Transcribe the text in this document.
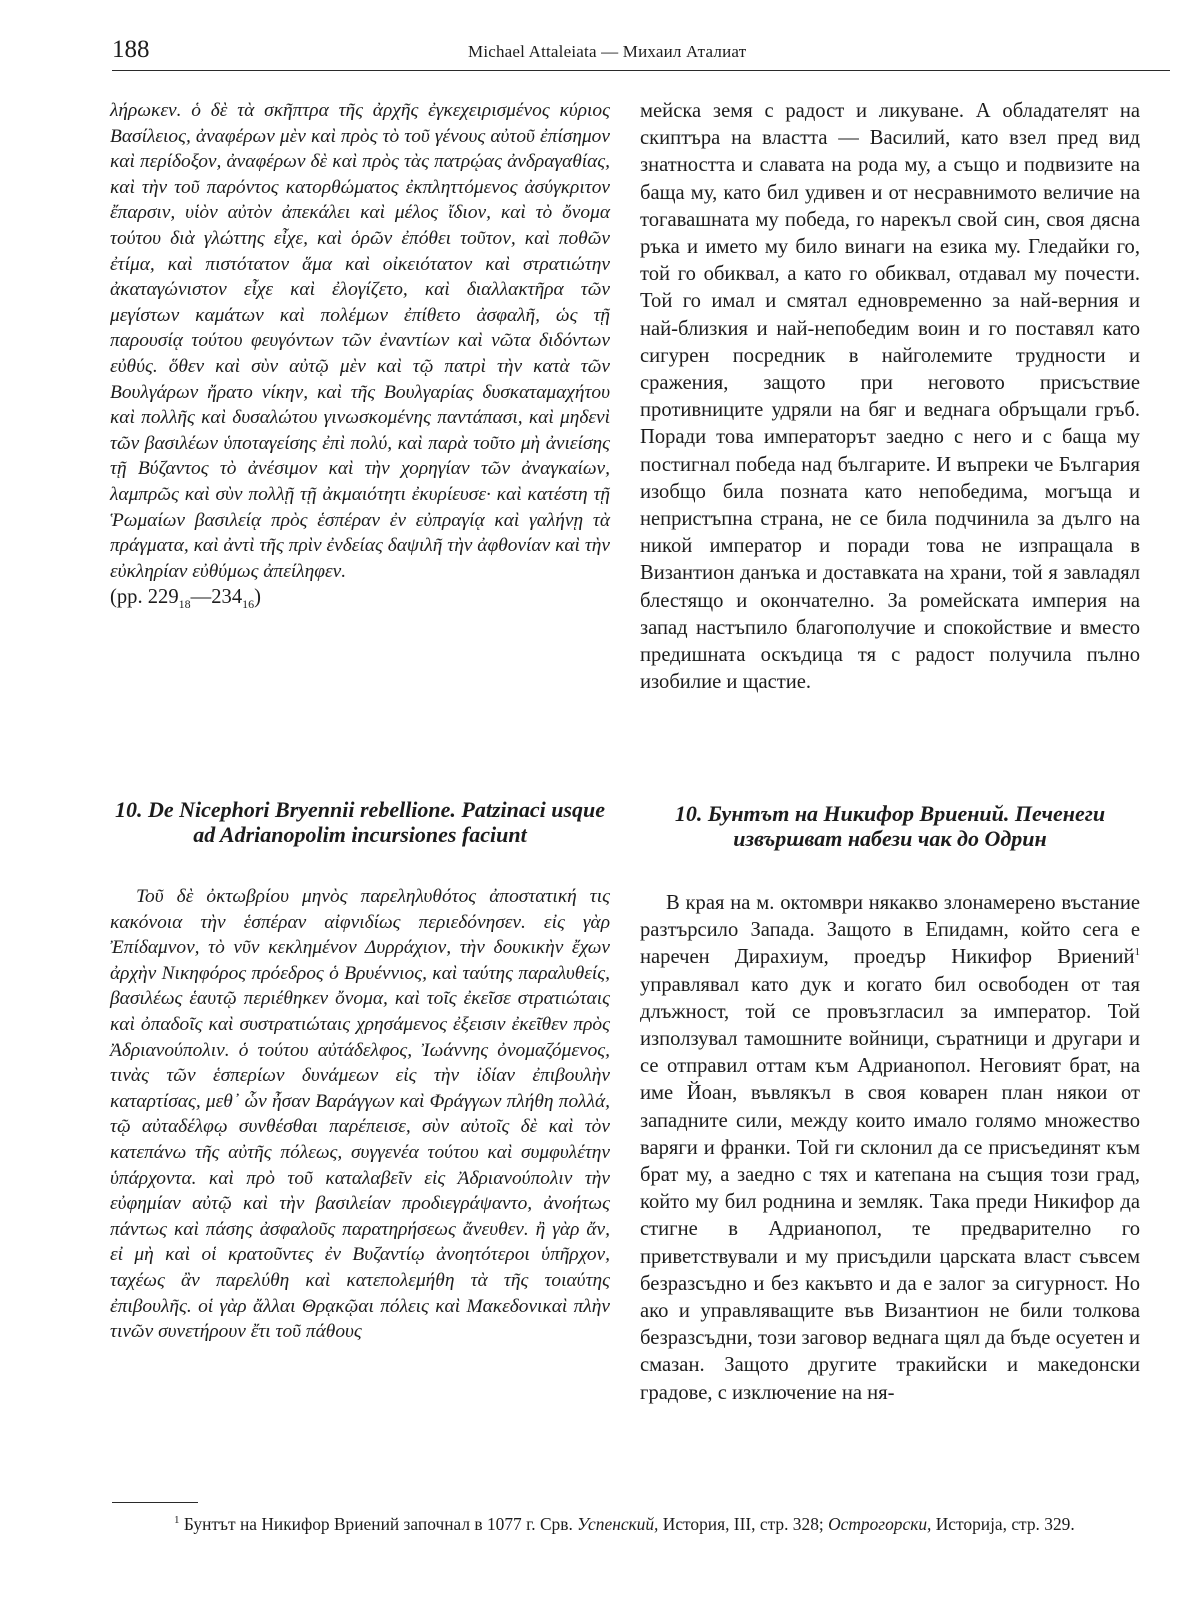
188	Michael Attaleiata — Михаил Аталиат

λήρωκεν. ὁ δὲ τὰ σκῆπτρα τῆς ἀρχῆς ἐγκεχειρισμένος κύριος Βασίλειος, ἀναφέρων μὲν καὶ πρὸς τὸ τοῦ γένους αὐτοῦ ἐπίσημον καὶ περίδοξον, ἀναφέρων δὲ καὶ πρὸς τὰς πατρῴας ἀνδραγαθίας, καὶ τὴν τοῦ παρόντος κατορθώματος ἐκπληττόμενος ἀσύγκριτον ἔπαρσιν, υἱὸν αὐτὸν ἀπεκάλει καὶ μέλος ἴδιον, καὶ τὸ ὄνομα τούτου διὰ γλώττης εἶχε, καὶ ὁρῶν ἐπόθει τοῦτον, καὶ ποθῶν ἐτίμα, καὶ πιστότατον ἅμα καὶ οἰκειότατον καὶ στρατιώτην ἀκαταγώνιστον εἶχε καὶ ἐλογίζετο, καὶ διαλλακτῆρα τῶν μεγίστων καμάτων καὶ πολέμων ἐπίθετο ἀσφαλῆ, ὡς τῇ παρουσίᾳ τούτου φευγόντων τῶν ἐναντίων καὶ νῶτα διδόντων εὐθύς. ὅθεν καὶ σὺν αὐτῷ μὲν καὶ τῷ πατρὶ τὴν κατὰ τῶν Βουλγάρων ἤρατο νίκην, καὶ τῆς Βουλγαρίας δυσκαταμαχήτου καὶ πολλῆς καὶ δυσαλώτου γινωσκομένης παντάπασι, καὶ μηδενὶ τῶν βασιλέων ὑποταγείσης ἐπὶ πολύ, καὶ παρὰ τοῦτο μὴ ἀνιείσης τῇ Βύζαντος τὸ ἀνέσιμον καὶ τὴν χορηγίαν τῶν ἀναγκαίων, λαμπρῶς καὶ σὺν πολλῇ τῇ ἀκμαιότητι ἐκυρίευσε· καὶ κατέστη τῇ Ῥωμαίων βασιλείᾳ πρὸς ἑσπέραν ἐν εὐπραγίᾳ καὶ γαλήνῃ τὰ πράγματα, καὶ ἀντὶ τῆς πρὶν ἐνδείας δαψιλῆ τὴν ἀφθονίαν καὶ τὴν εὐκληρίαν εὐθύμως ἀπείληφεν.

(pp. $229_{18}—234_{16}$)

мейска земя с радост и ликуване. А обладателят на скиптъра на властта — Василий, като взел пред вид знатността и славата на рода му, а също и подвизите на баща му, като бил удивен и от несравнимото величие на тогавашната му победа, го нарекъл свой син, своя дясна ръка и името му било винаги на езика му. Гледайки го, той го обиквал, а като го обиквал, отдавал му почести. Той го имал и смятал едновременно за най-верния и най-близкия и най-непобедим воин и го поставял като сигурен посредник в найголемите трудности и сражения, защото при неговото присъствие противниците удряли на бяг и веднага обръщали гръб. Поради това императорът заедно с него и с баща му постигнал победа над българите. И въпреки че България изобщо била позната като непобедима, могъща и непристъпна страна, не се била подчинила за дълго на никой император и поради това не изпращала в Византион данъка и доставката на храни, той я завладял блестящо и окончателно. За ромейската империя на запад настъпило благополучие и спокойствие и вместо предишната оскъдица тя с радост получила пълно изобилие и щастие.

10. De Nicephori Bryennii rebellione. Patzinaci usque ad Adrianopolim incursiones faciunt
10. Бунтът на Никифор Вриений. Печенеги извършват набези чак до Одрин

Τοῦ δὲ ὀκτωβρίου μηνὸς παρεληλυθότος ἀποστατική τις κακόνοια τὴν ἑσπέραν αἰφνιδίως περιεδόνησεν. εἰς γὰρ Ἐπίδαμνον, τὸ νῦν κεκλημένον Δυρράχιον, τὴν δουκικὴν ἔχων ἀρχὴν Νικηφόρος πρόεδρος ὁ Βρυέννιος, καὶ ταύτης παραλυθείς, βασιλέως ἑαυτῷ περιέθηκεν ὄνομα, καὶ τοῖς ἐκεῖσε στρατιώταις καὶ ὀπαδοῖς καὶ συστρατιώταις χρησάμενος ἐξεισιν ἐκεῖθεν πρὸς Ἀδριανούπολιν. ὁ τούτου αὐτάδελφος, Ἰωάννης ὀνομαζόμενος, τινὰς τῶν ἑσπερίων δυνάμεων εἰς τὴν ἰδίαν ἐπιβουλὴν καταρτίσας, μεθ᾽ ὧν ἦσαν Βαράγγων καὶ Φράγγων πλήθη πολλά, τῷ αὐταδέλφῳ συνθέσθαι παρέπεισε, σὺν αὐτοῖς δὲ καὶ τὸν κατεπάνω τῆς αὐτῆς πόλεως, συγγενέα τούτου καὶ συμφυλέτην ὑπάρχοντα. καὶ πρὸ τοῦ καταλαβεῖν εἰς Ἀδριανούπολιν τὴν εὐφημίαν αὐτῷ καὶ τὴν βασιλείαν προδιεγράψαντο, ἀνοήτως πάντως καὶ πάσης ἀσφαλοῦς παρατηρήσεως ἄνευθεν. ἢ γὰρ ἄν, εἰ μὴ καὶ οἱ κρατοῦντες ἐν Βυζαντίῳ ἀνοητότεροι ὑπῆρχον, ταχέως ἂν παρελύθη καὶ κατεπολεμήθη τὰ τῆς τοιαύτης ἐπιβουλῆς. οἱ γὰρ ἄλλαι Θρᾳκῷαι πόλεις καὶ Μακεδονικαὶ πλὴν τινῶν συνετήρουν ἔτι τοῦ πάθους

В края на м. октомври някакво злонамерено въстание разтърсило Запада. Защото в Епидамн, който сега е наречен Дирахиум, проедър Никифор Вриений$^1$ управлявал като дук и когато бил освободен от тая длъжност, той се провъзгласил за император. Той използувал тамошните войници, съратници и другари и се отправил оттам към Адрианопол. Неговият брат, на име Йоан, въвлякъл в своя коварен план някои от западните сили, между които имало голямо множество варяги и франки. Той ги склонил да се присъединят към брат му, а заедно с тях и катепана на същия този град, който му бил роднина и земляк. Така преди Никифор да стигне в Адрианопол, те предварително го приветствували и му присъдили царската власт съвсем безразсъдно и без какъвто и да е залог за сигурност. Но ако и управляващите във Византион не били толкова безразсъдни, този заговор веднага щял да бъде осуетен и смазан. Защото другите тракийски и македонски градове, с изключение на ня-

$^1$ Бунтът на Никифор Вриений започнал в 1077 г. Срв. Успенский, История, III, стр. 328; Острогорски, Историја, стр. 329.
